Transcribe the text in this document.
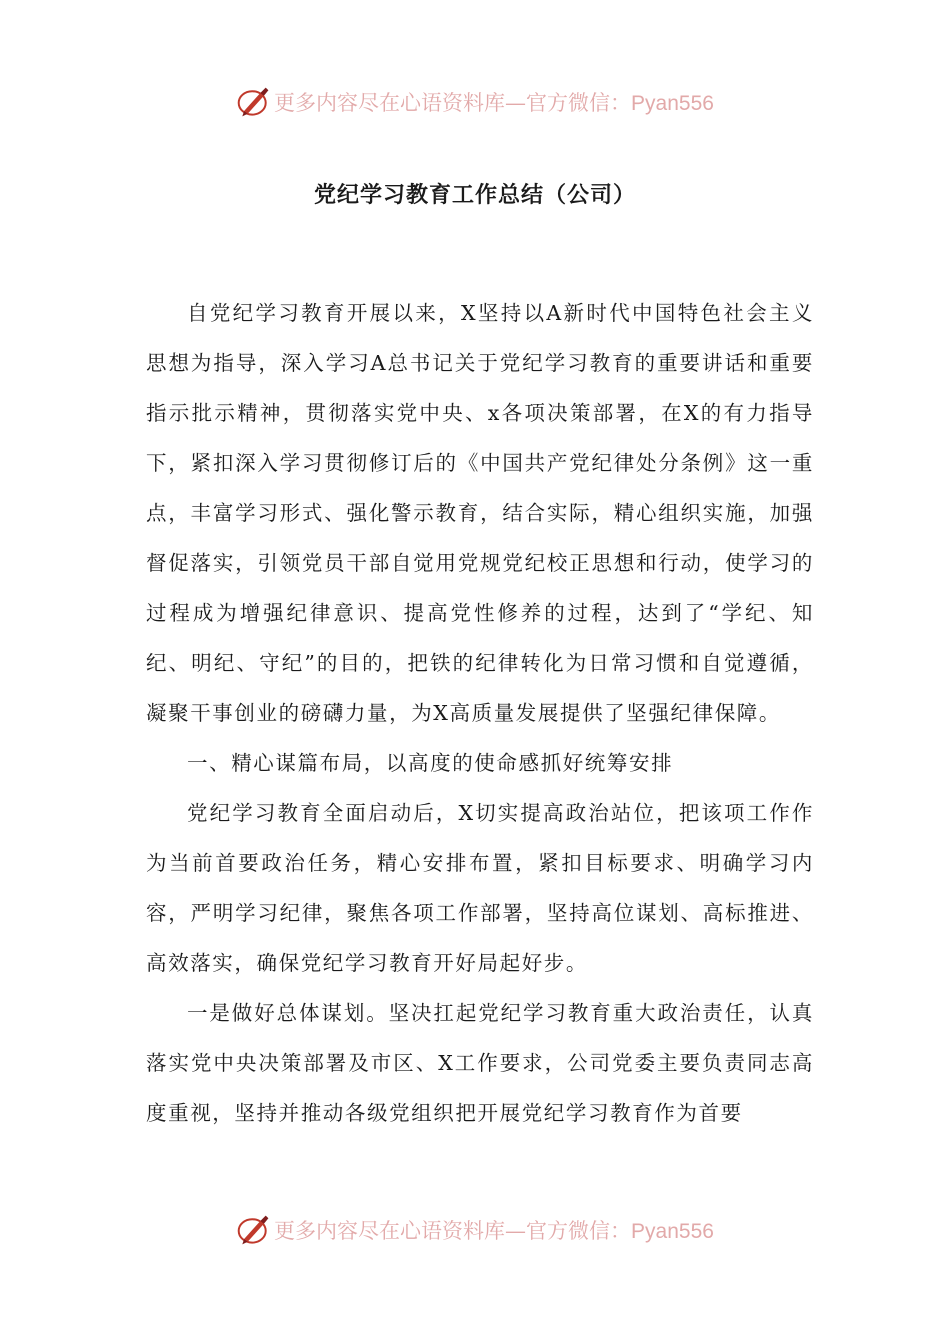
更多内容尽在心语资料库—官方微信：Pyan556
党纪学习教育工作总结（公司）

自党纪学习教育开展以来，X坚持以A新时代中国特色社会主义思想为指导，深入学习A总书记关于党纪学习教育的重要讲话和重要指示批示精神，贯彻落实党中央、x各项决策部署，在X的有力指导下，紧扣深入学习贯彻修订后的《中国共产党纪律处分条例》这一重点，丰富学习形式、强化警示教育，结合实际，精心组织实施，加强督促落实，引领党员干部自觉用党规党纪校正思想和行动，使学习的过程成为增强纪律意识、提高党性修养的过程，达到了“学纪、知纪、明纪、守纪”的目的，把铁的纪律转化为日常习惯和自觉遵循，凝聚干事创业的磅礴力量，为X高质量发展提供了坚强纪律保障。

一、精心谋篇布局，以高度的使命感抓好统筹安排

党纪学习教育全面启动后，X切实提高政治站位，把该项工作作为当前首要政治任务，精心安排布置，紧扣目标要求、明确学习内容，严明学习纪律，聚焦各项工作部署，坚持高位谋划、高标推进、高效落实，确保党纪学习教育开好局起好步。

一是做好总体谋划。坚决扛起党纪学习教育重大政治责任，认真落实党中央决策部署及市区、X工作要求，公司党委主要负责同志高度重视，坚持并推动各级党组织把开展党纪学习教育作为首要

更多内容尽在心语资料库—官方微信：Pyan556
